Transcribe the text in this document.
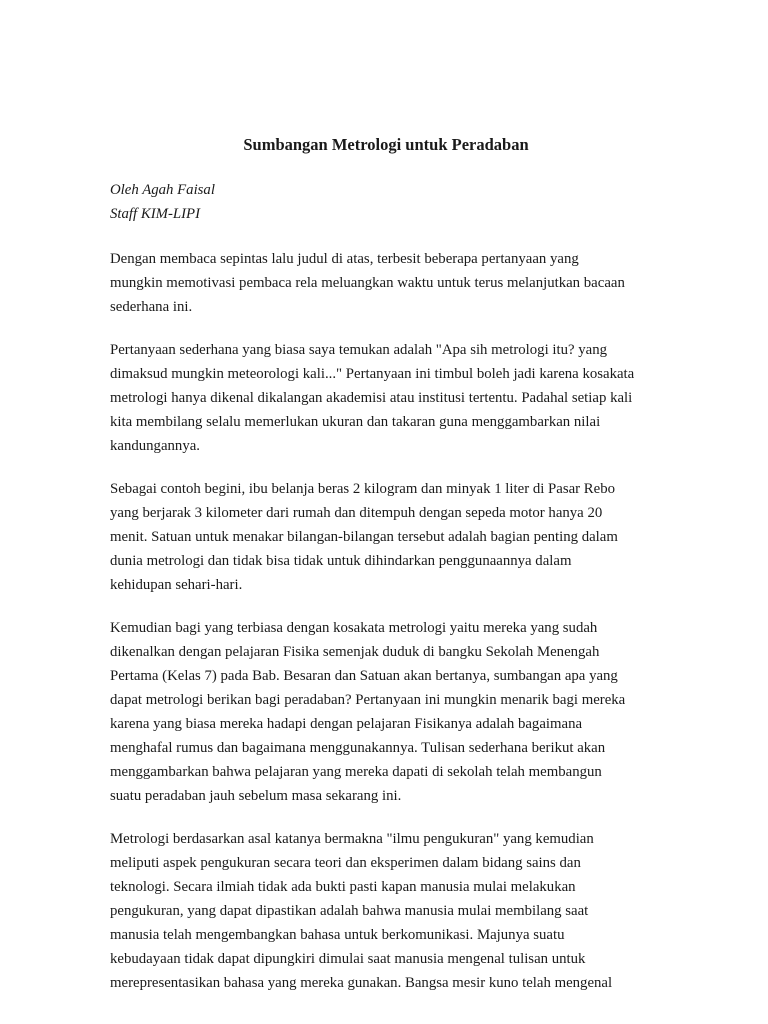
Sumbangan Metrologi untuk Peradaban

Oleh Agah Faisal

Staff KIM-LIPI

Dengan membaca sepintas lalu judul di atas, terbesit beberapa pertanyaan yang
mungkin memotivasi pembaca rela meluangkan waktu untuk terus melanjutkan bacaan
sederhana ini.

Pertanyaan sederhana yang biasa saya temukan adalah "Apa sih metrologi itu? yang
dimaksud mungkin meteorologi kali..." Pertanyaan ini timbul boleh jadi karena kosakata
metrologi hanya dikenal dikalangan akademisi atau institusi tertentu. Padahal setiap kali
kita membilang selalu memerlukan ukuran dan takaran guna menggambarkan nilai
kandungannya.

Sebagai contoh begini, ibu belanja beras 2 kilogram dan minyak 1 liter di Pasar Rebo
yang berjarak 3 kilometer dari rumah dan ditempuh dengan sepeda motor hanya 20
menit. Satuan untuk menakar bilangan-bilangan tersebut adalah bagian penting dalam
dunia metrologi dan tidak bisa tidak untuk dihindarkan penggunaannya dalam
kehidupan sehari-hari.

Kemudian bagi yang terbiasa dengan kosakata metrologi yaitu mereka yang sudah
dikenalkan dengan pelajaran Fisika semenjak duduk di bangku Sekolah Menengah
Pertama (Kelas 7) pada Bab. Besaran dan Satuan akan bertanya, sumbangan apa yang
dapat metrologi berikan bagi peradaban? Pertanyaan ini mungkin menarik bagi mereka
karena yang biasa mereka hadapi dengan pelajaran Fisikanya adalah bagaimana
menghafal rumus dan bagaimana menggunakannya. Tulisan sederhana berikut akan
menggambarkan bahwa pelajaran yang mereka dapati di sekolah telah membangun
suatu peradaban jauh sebelum masa sekarang ini.

Metrologi berdasarkan asal katanya bermakna "ilmu pengukuran" yang kemudian
meliputi aspek pengukuran secara teori dan eksperimen dalam bidang sains dan
teknologi. Secara ilmiah tidak ada bukti pasti kapan manusia mulai melakukan
pengukuran, yang dapat dipastikan adalah bahwa manusia mulai membilang saat
manusia telah mengembangkan bahasa untuk berkomunikasi. Majunya suatu
kebudayaan tidak dapat dipungkiri dimulai saat manusia mengenal tulisan untuk
merepresentasikan bahasa yang mereka gunakan. Bangsa mesir kuno telah mengenal
